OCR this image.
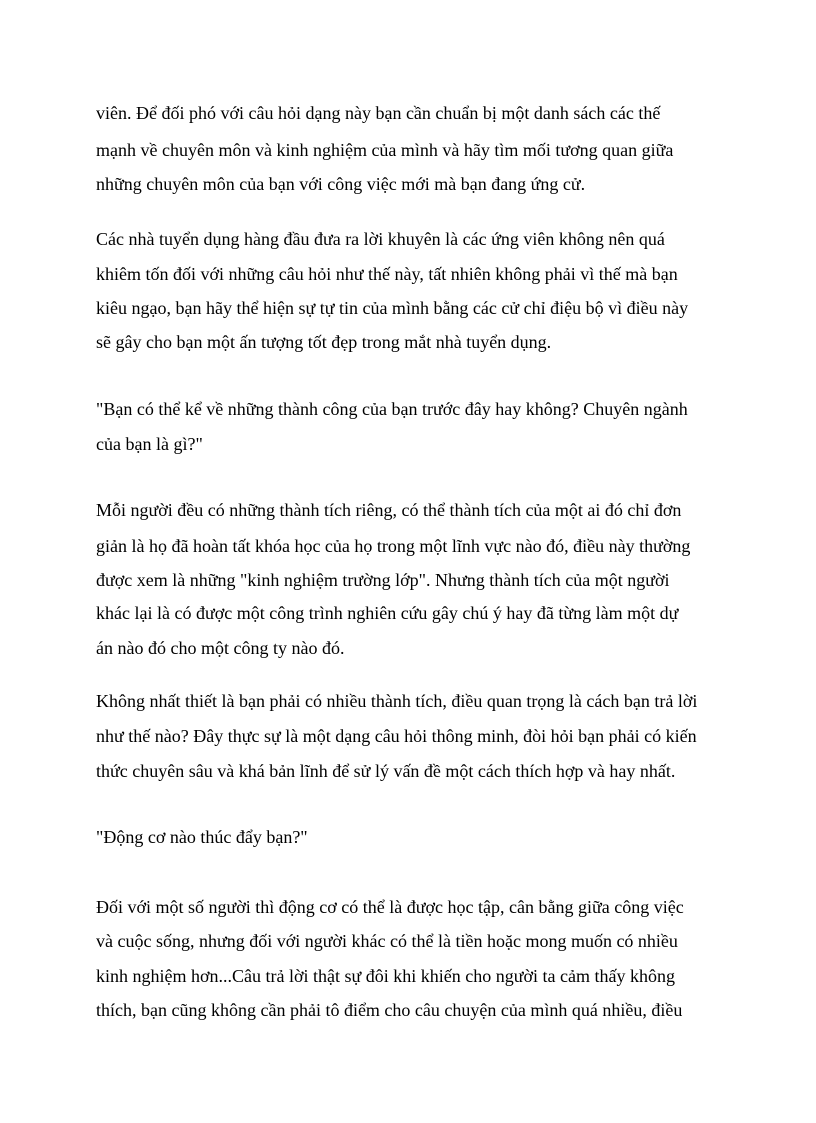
viên. Để đối phó với câu hỏi dạng này bạn cần chuẩn bị một danh sách các thế

mạnh về chuyên môn và kinh nghiệm của mình và hãy tìm mối tương quan giữa

những chuyên môn của bạn với công việc mới mà bạn đang ứng cử.

Các nhà tuyển dụng hàng đầu đưa ra lời khuyên là các ứng viên không nên quá

khiêm tốn đối với những câu hỏi như thế này, tất nhiên không phải vì thế mà bạn

kiêu ngạo, bạn hãy thể hiện sự tự tin của mình bằng các cử chỉ điệu bộ vì điều này

sẽ gây cho bạn một ấn tượng tốt đẹp trong mắt nhà tuyển dụng.

"Bạn có thể kể về những thành công của bạn trước đây hay không? Chuyên ngành

của bạn là gì?"

Mỗi người đều có những thành tích riêng, có thể thành tích của một ai đó chỉ đơn

giản là họ đã hoàn tất khóa học của họ trong một lĩnh vực nào đó, điều này thường

được xem là những "kinh nghiệm trường lớp". Nhưng thành tích của một người

khác lại là có được một công trình nghiên cứu gây chú ý hay đã từng làm một dự

án nào đó cho một công ty nào đó.

Không nhất thiết là bạn phải có nhiều thành tích, điều quan trọng là cách bạn trả lời

như thế nào? Đây thực sự là một dạng câu hỏi thông minh, đòi hỏi bạn phải có kiến

thức chuyên sâu và khá bản lĩnh để sử lý vấn đề một cách thích hợp và hay nhất.

"Động cơ nào thúc đẩy bạn?"

Đối với một số người thì động cơ có thể là được học tập, cân bằng giữa công việc

và cuộc sống, nhưng đối với người khác có thể là tiền hoặc mong muốn có nhiều

kinh nghiệm hơn...Câu trả lời thật sự đôi khi khiến cho người ta cảm thấy không

thích, bạn cũng không cần phải tô điểm cho câu chuyện của mình quá nhiều, điều
